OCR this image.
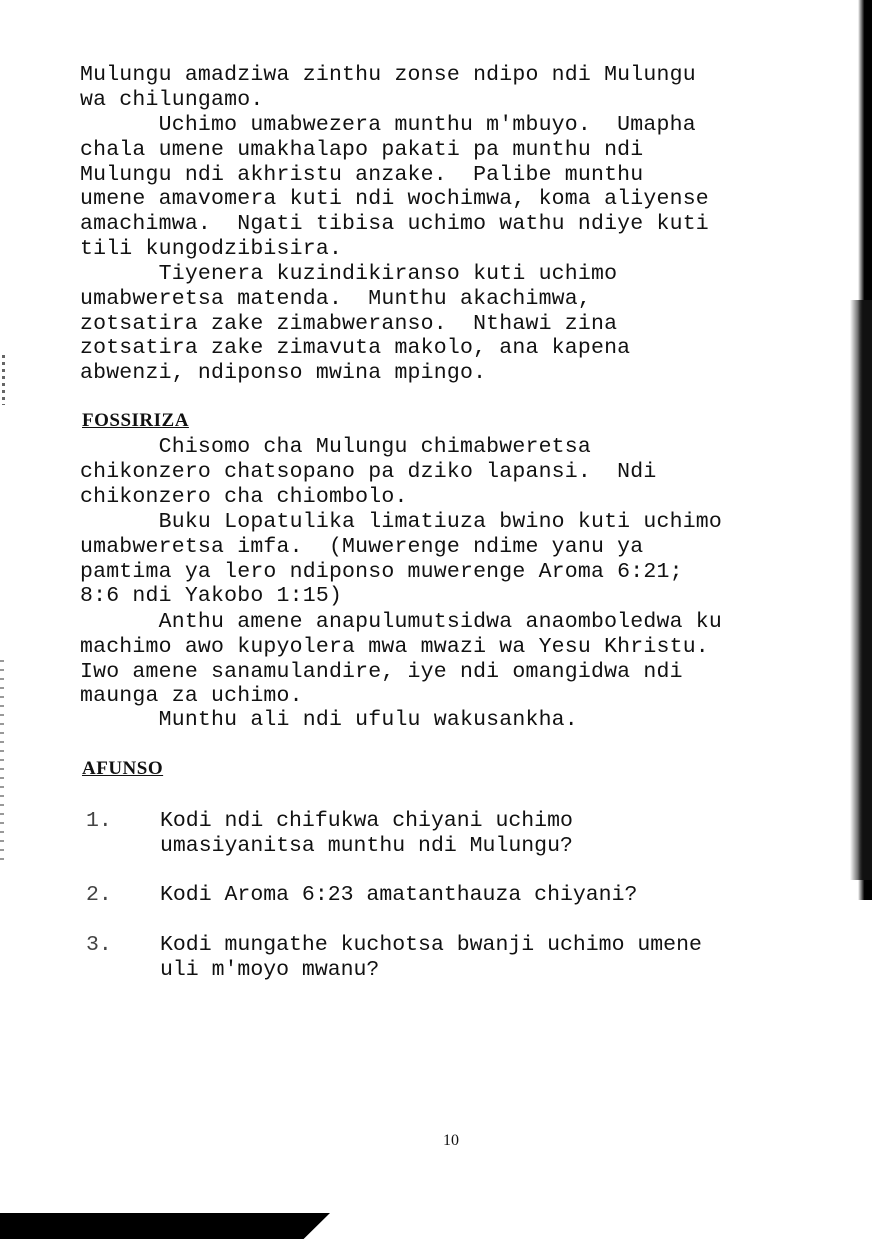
Mulungu amadziwa zinthu zonse ndipo ndi Mulungu
wa chilungamo.
Uchimo umabwezera munthu m'mbuyo.  Umapha
chala umene umakhalapo pakati pa munthu ndi
Mulungu ndi akhristu anzake.  Palibe munthu
umene amavomera kuti ndi wochimwa, koma aliyense
amachimwa.  Ngati tibisa uchimo wathu ndiye kuti
tili kungodzibisira.
Tiyenera kuzindikiranso kuti uchimo
umabweretsa matenda.  Munthu akachimwa,
zotsatira zake zimabweranso.  Nthawi zina
zotsatira zake zimavuta makolo, ana kapena
abwenzi, ndiponso mwina mpingo.
FOSSIRIZA
Chisomo cha Mulungu chimabweretsa
chikonzero chatsopano pa dziko lapansi.  Ndi
chikonzero cha chiombolo.
Buku Lopatulika limatiuza bwino kuti uchimo
umabweretsa imfa.  (Muwerenge ndime yanu ya
pamtima ya lero ndiponso muwerenge Aroma 6:21;
8:6 ndi Yakobo 1:15)
Anthu amene anapulumutsidwa anaomboledwa ku
machimo awo kupyolera mwa mwazi wa Yesu Khristu.
Iwo amene sanamulandire, iye ndi omangidwa ndi
maunga za uchimo.
Munthu ali ndi ufulu wakusankha.
AFUNSO
1. Kodi ndi chifukwa chiyani uchimo
umasiyanitsa munthu ndi Mulungu?
2. Kodi Aroma 6:23 amatanthauza chiyani?
3. Kodi mungathe kuchotsa bwanji uchimo umene
uli m'moyo mwanu?
10
